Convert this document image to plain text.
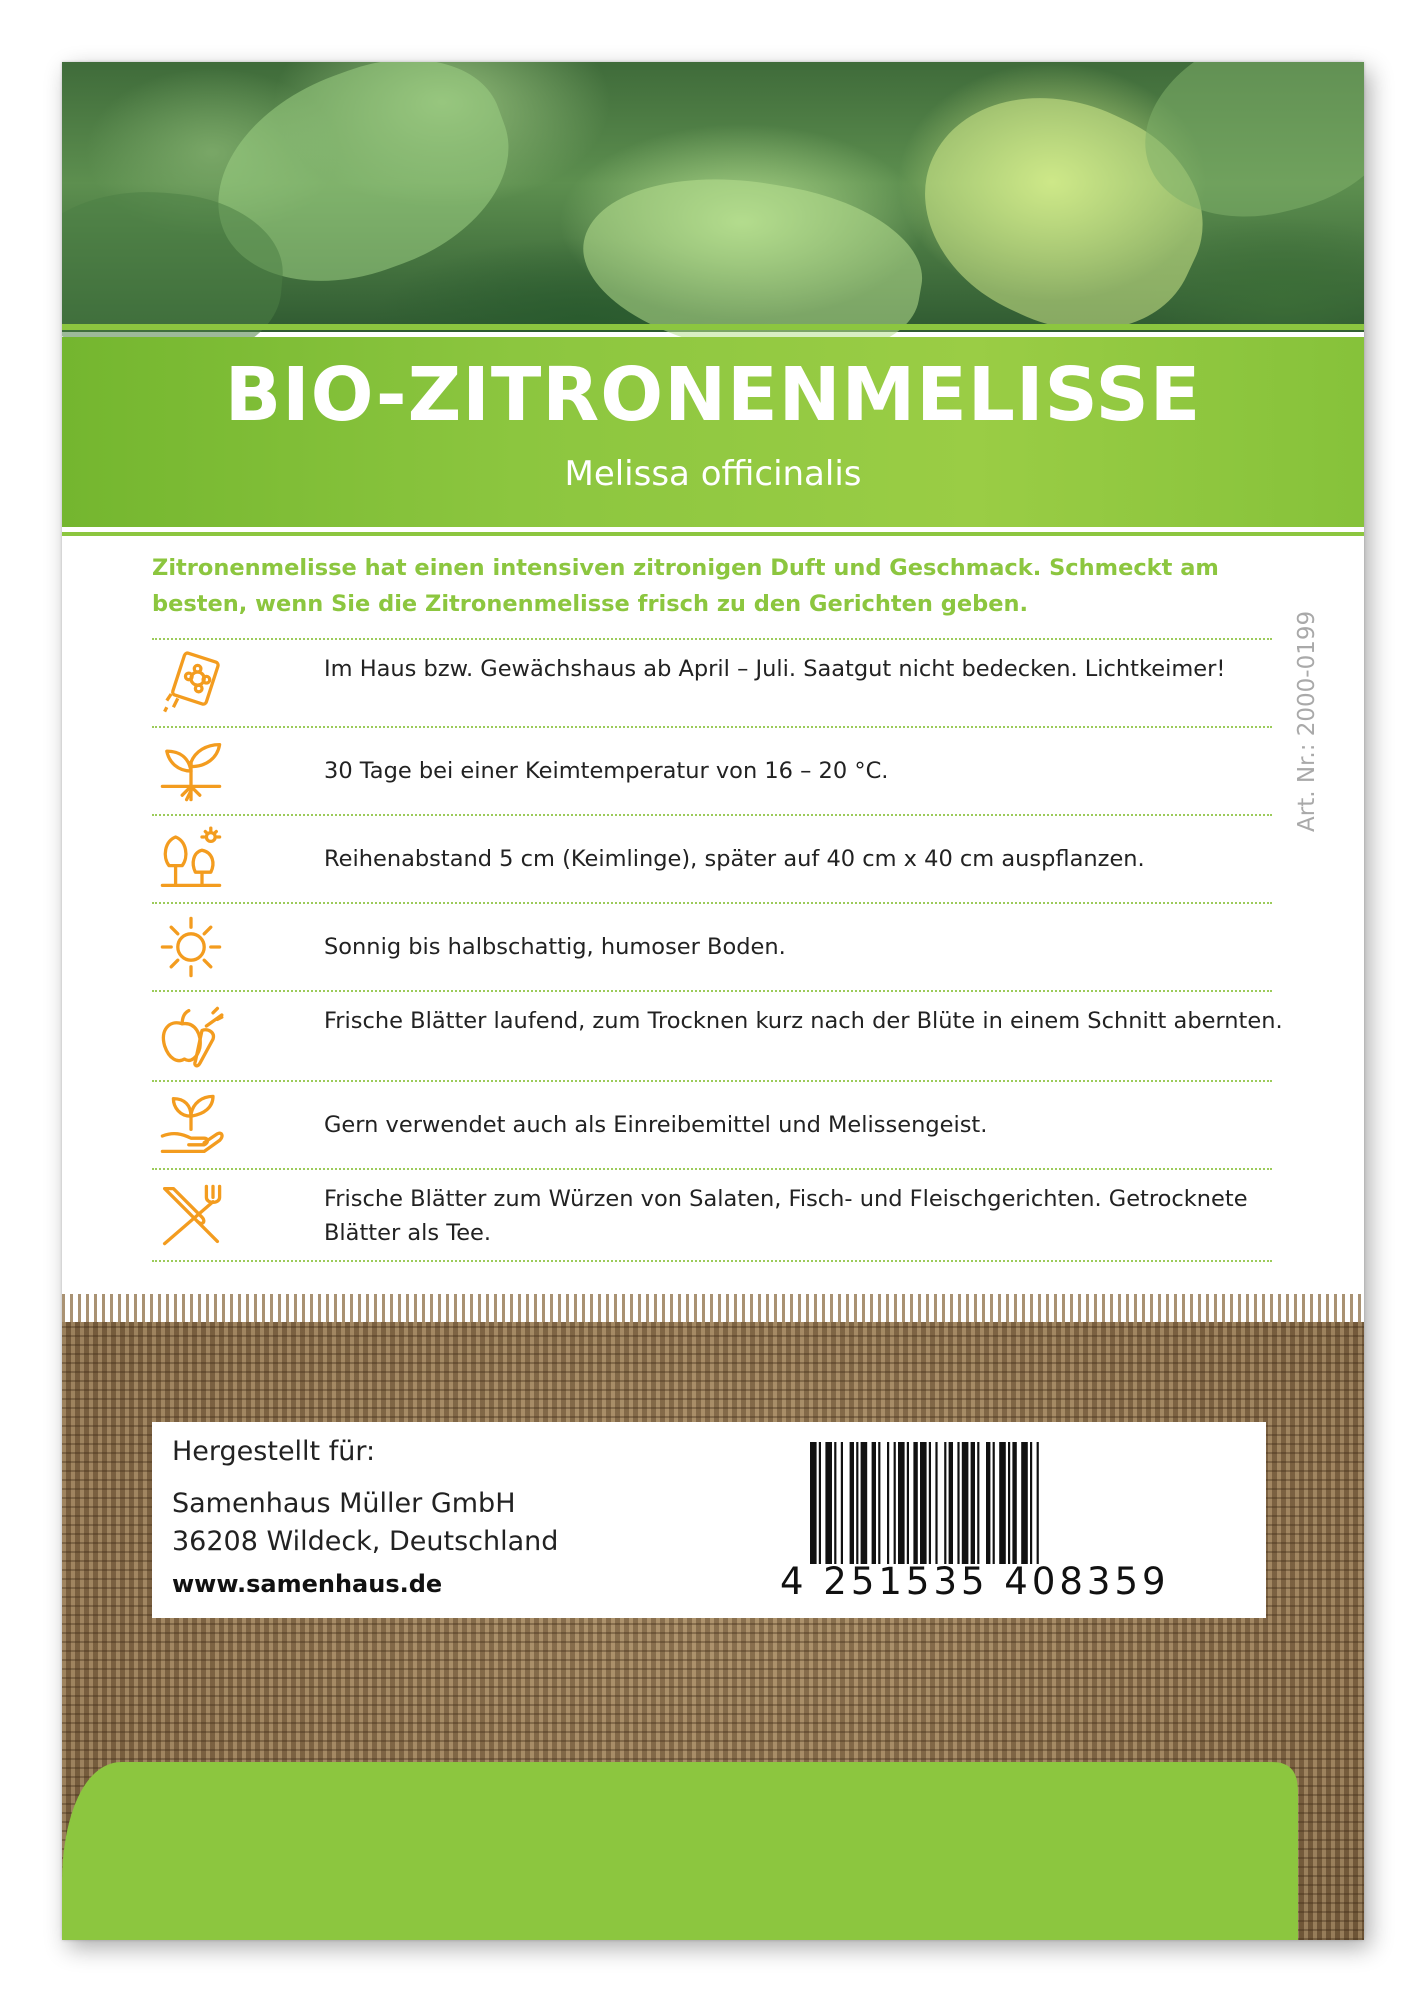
BIO-ZITRONENMELISSE
Melissa officinalis
Zitronenmelisse hat einen intensiven zitronigen Duft und Geschmack. Schmeckt am besten, wenn Sie die Zitronenmelisse frisch zu den Gerichten geben.
Im Haus bzw. Gewächshaus ab April – Juli. Saatgut nicht bedecken. Lichtkeimer!
30 Tage bei einer Keimtemperatur von 16 – 20 °C.
Reihenabstand 5 cm (Keimlinge), später auf 40 cm x 40 cm auspflanzen.
Sonnig bis halbschattig, humoser Boden.
Frische Blätter laufend, zum Trocknen kurz nach der Blüte in einem Schnitt abernten.
Gern verwendet auch als Einreibemittel und Melissengeist.
Frische Blätter zum Würzen von Salaten, Fisch- und Fleischgerichten. Getrocknete Blätter als Tee.
Art. Nr.: 2000-0199
Hergestellt für:
Samenhaus Müller GmbH
36208 Wildeck, Deutschland
www.samenhaus.de	4 251535 408359
